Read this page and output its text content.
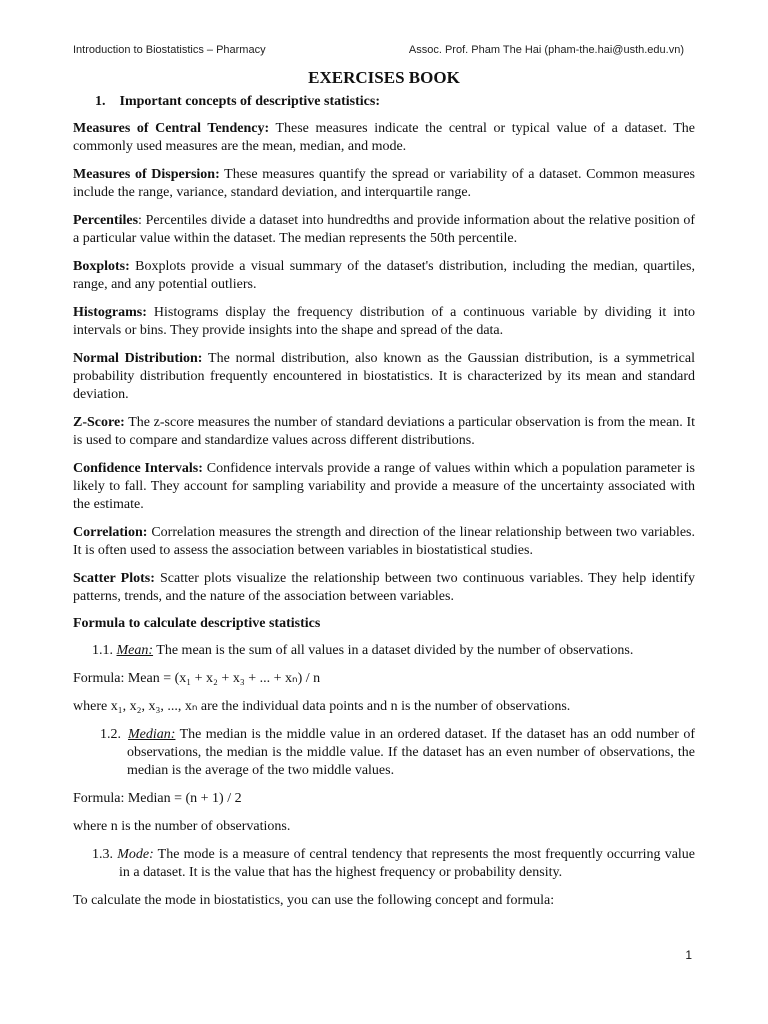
Introduction to Biostatistics – Pharmacy	Assoc. Prof. Pham The Hai (pham-the.hai@usth.edu.vn)
EXERCISES BOOK
1. Important concepts of descriptive statistics:

Measures of Central Tendency: These measures indicate the central or typical value of a dataset. The commonly used measures are the mean, median, and mode.

Measures of Dispersion: These measures quantify the spread or variability of a dataset. Common measures include the range, variance, standard deviation, and interquartile range.

Percentiles: Percentiles divide a dataset into hundredths and provide information about the relative position of a particular value within the dataset. The median represents the 50th percentile.

Boxplots: Boxplots provide a visual summary of the dataset's distribution, including the median, quartiles, range, and any potential outliers.

Histograms: Histograms display the frequency distribution of a continuous variable by dividing it into intervals or bins. They provide insights into the shape and spread of the data.

Normal Distribution: The normal distribution, also known as the Gaussian distribution, is a symmetrical probability distribution frequently encountered in biostatistics. It is characterized by its mean and standard deviation.

Z-Score: The z-score measures the number of standard deviations a particular observation is from the mean. It is used to compare and standardize values across different distributions.

Confidence Intervals: Confidence intervals provide a range of values within which a population parameter is likely to fall. They account for sampling variability and provide a measure of the uncertainty associated with the estimate.

Correlation: Correlation measures the strength and direction of the linear relationship between two variables. It is often used to assess the association between variables in biostatistical studies.

Scatter Plots: Scatter plots visualize the relationship between two continuous variables. They help identify patterns, trends, and the nature of the association between variables.

Formula to calculate descriptive statistics

1.1. Mean: The mean is the sum of all values in a dataset divided by the number of observations.

Formula: Mean = (x₁ + x₂ + x₃ + ... + xₙ) / n

where x₁, x₂, x₃, ..., xₙ are the individual data points and n is the number of observations.

1.2. Median: The median is the middle value in an ordered dataset. If the dataset has an odd number of observations, the median is the middle value. If the dataset has an even number of observations, the median is the average of the two middle values.

Formula: Median = (n + 1) / 2

where n is the number of observations.

1.3. Mode: The mode is a measure of central tendency that represents the most frequently occurring value in a dataset. It is the value that has the highest frequency or probability density.

To calculate the mode in biostatistics, you can use the following concept and formula:

1
